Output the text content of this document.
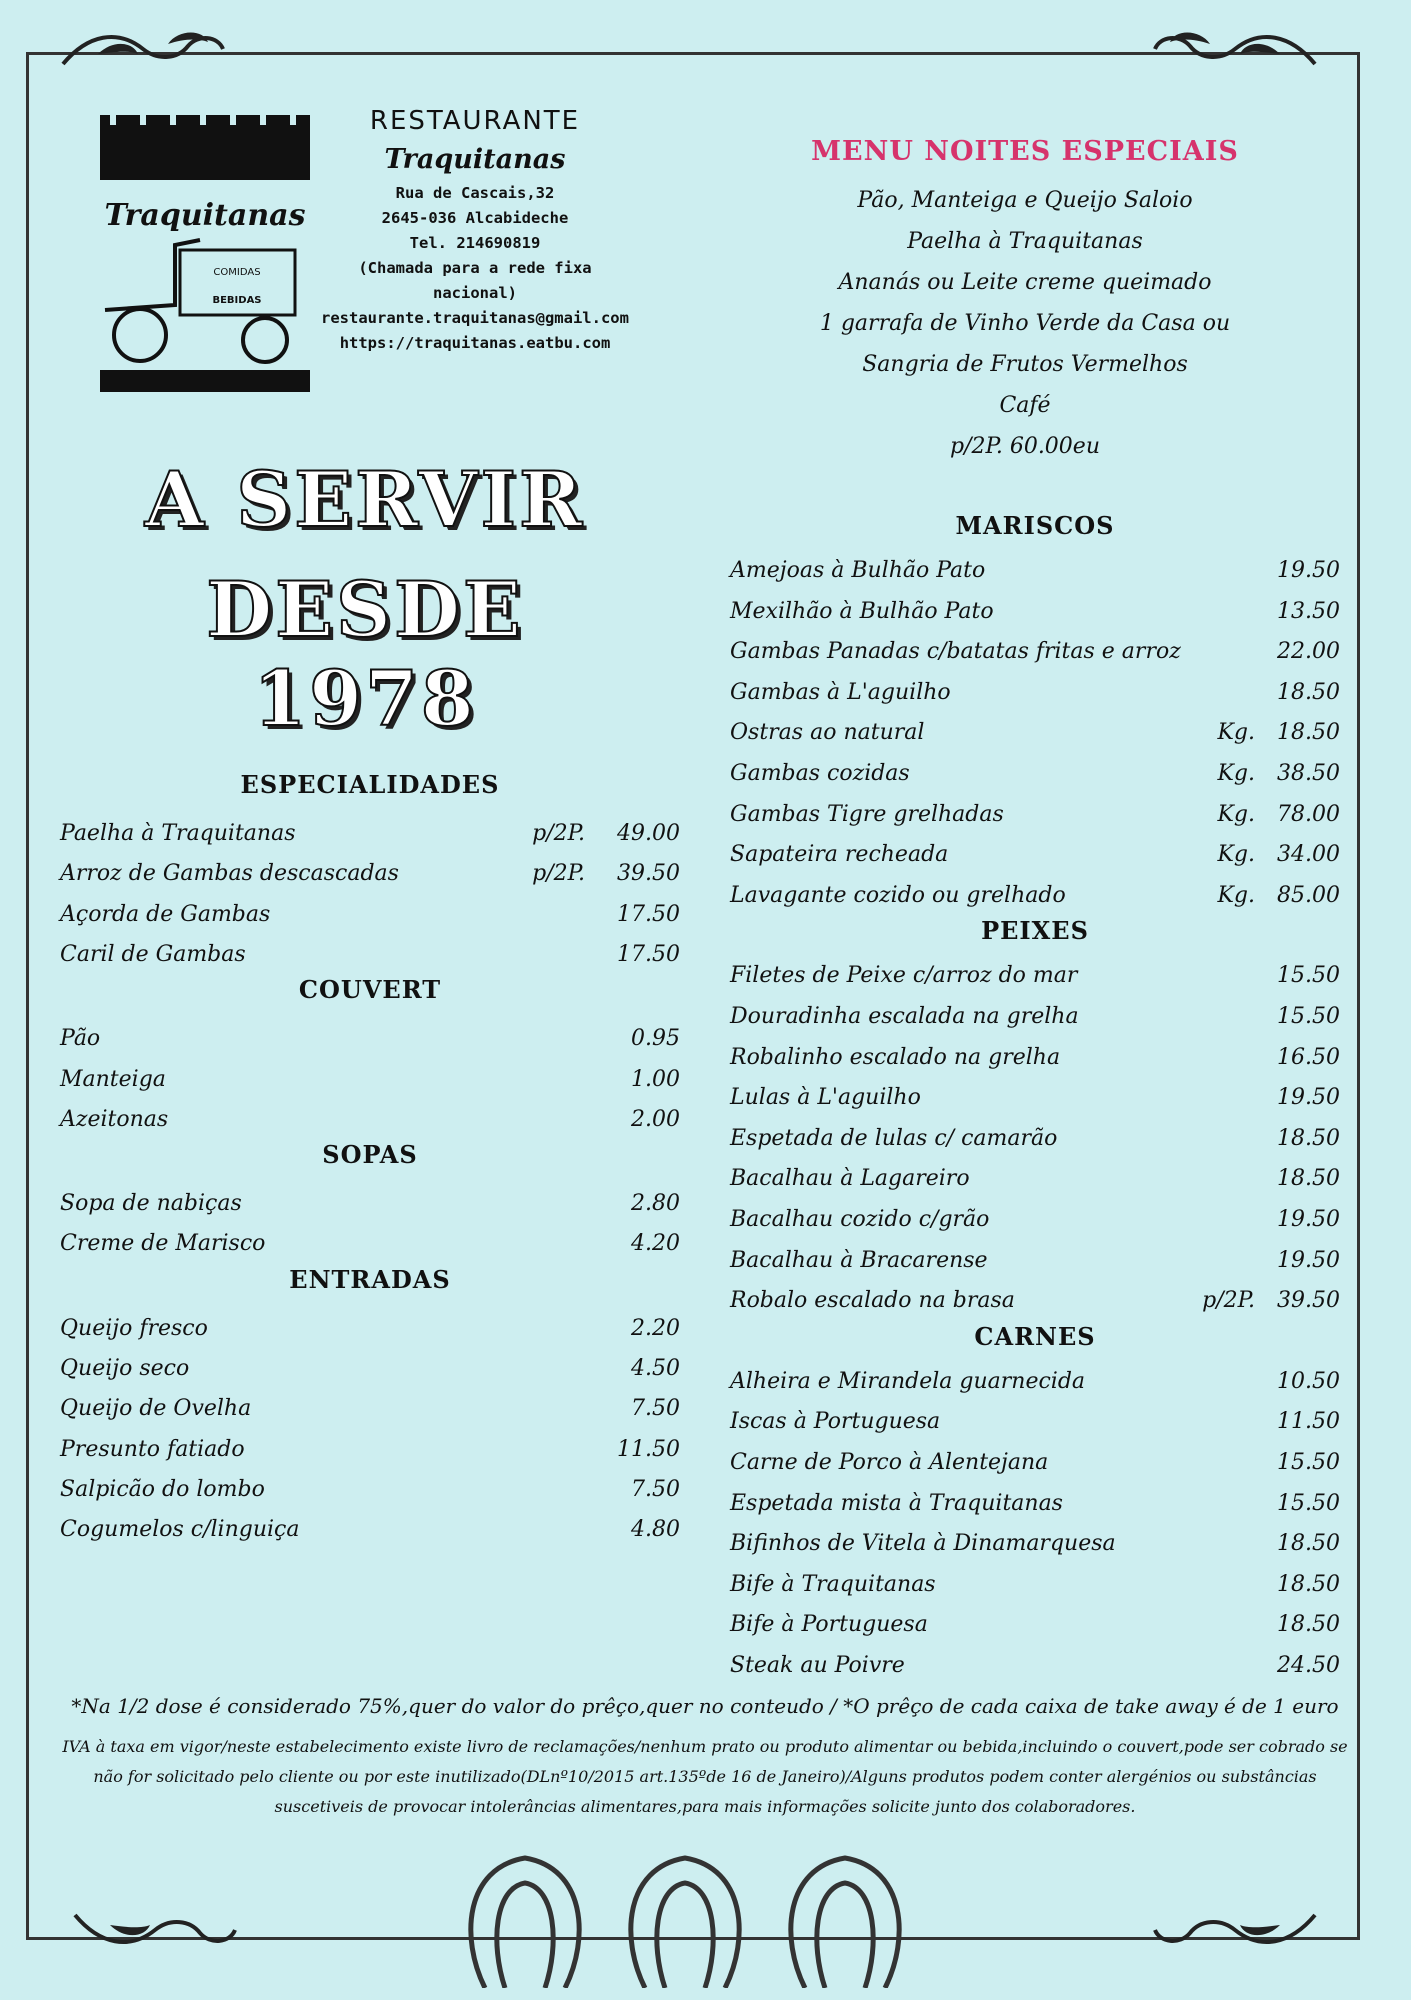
Traquitanas
COMIDAS
BEBIDAS
RESTAURANTE
Traquitanas
Rua de Cascais,32
2645-036 Alcabideche
Tel. 214690819
(Chamada para a rede fixa nacional)
restaurante.traquitanas@gmail.com
https://traquitanas.eatbu.com
A SERVIR
DESDE 1978
MENU NOITES ESPECIAIS
Pão, Manteiga e Queijo Saloio
Paelha à Traquitanas
Ananás ou Leite creme queimado
1 garrafa de Vinho Verde da Casa ou
Sangria de Frutos Vermelhos
Café
p/2P. 60.00eu
ESPECIALIDADES
Paelha à Traquitanas	p/2P. 49.00
Arroz de Gambas descascadas	p/2P. 39.50
Açorda de Gambas	17.50
Caril de Gambas	17.50
COUVERT
Pão	0.95
Manteiga	1.00
Azeitonas	2.00
SOPAS
Sopa de nabiças	2.80
Creme de Marisco	4.20
ENTRADAS
Queijo fresco	2.20
Queijo seco	4.50
Queijo de Ovelha	7.50
Presunto fatiado	11.50
Salpicão do lombo	7.50
Cogumelos c/linguiça	4.80
MARISCOS
Amejoas à Bulhão Pato	19.50
Mexilhão à Bulhão Pato	13.50
Gambas Panadas c/batatas fritas e arroz	22.00
Gambas à L'aguilho	18.50
Ostras ao natural	Kg. 18.50
Gambas cozidas	Kg. 38.50
Gambas Tigre grelhadas	Kg. 78.00
Sapateira recheada	Kg. 34.00
Lavagante cozido ou grelhado	Kg. 85.00
PEIXES
Filetes de Peixe c/arroz do mar	15.50
Douradinha escalada na grelha	15.50
Robalinho escalado na grelha	16.50
Lulas à L'aguilho	19.50
Espetada de lulas c/ camarão	18.50
Bacalhau à Lagareiro	18.50
Bacalhau cozido c/grão	19.50
Bacalhau à Bracarense	19.50
Robalo escalado na brasa	p/2P. 39.50
CARNES
Alheira e Mirandela guarnecida	10.50
Iscas à Portuguesa	11.50
Carne de Porco à Alentejana	15.50
Espetada mista à Traquitanas	15.50
Bifinhos de Vitela à Dinamarquesa	18.50
Bife à Traquitanas	18.50
Bife à Portuguesa	18.50
Steak au Poivre	24.50
*Na 1/2 dose é considerado 75%,quer do valor do prêço,quer no conteudo / *O prêço de cada caixa de take away é de 1 euro
IVA à taxa em vigor/neste estabelecimento existe livro de reclamações/nenhum prato ou produto alimentar ou bebida,incluindo o couvert,pode ser cobrado se não for solicitado pelo cliente ou por este inutilizado(DLnº10/2015 art.135ºde 16 de Janeiro)/Alguns produtos podem conter alergénios ou substâncias suscetiveis de provocar intolerâncias alimentares,para mais informações solicite junto dos colaboradores.
